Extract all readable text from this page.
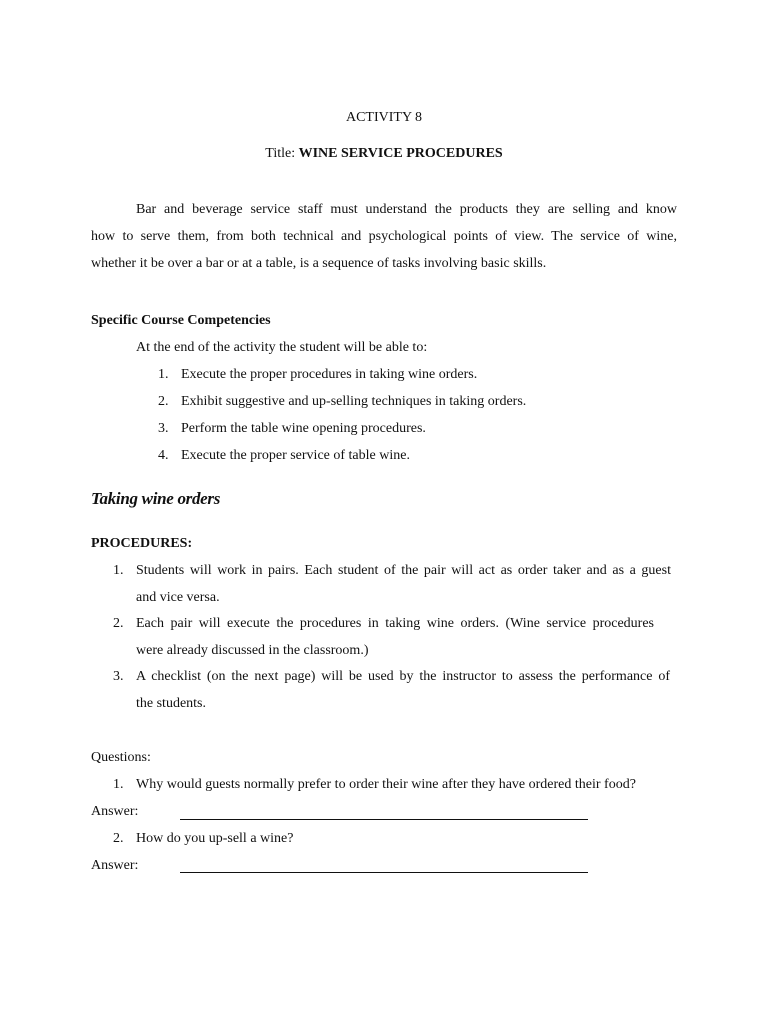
ACTIVITY 8
Title: WINE SERVICE PROCEDURES
Bar and beverage service staff must understand the products they are selling and know
how to serve them, from both technical and psychological points of view. The service of wine,
whether it be over a bar or at a table, is a sequence of tasks involving basic skills.
Specific Course Competencies
At the end of the activity the student will be able to:
1. Execute the proper procedures in taking wine orders.
2. Exhibit suggestive and up-selling techniques in taking orders.
3. Perform the table wine opening procedures.
4. Execute the proper service of table wine.
Taking wine orders
PROCEDURES:
1. Students will work in pairs. Each student of the pair will act as order taker and as a guest
and vice versa.
2. Each pair will execute the procedures in taking wine orders. (Wine service procedures
were already discussed in the classroom.)
3. A checklist (on the next page) will be used by the instructor to assess the performance of
the students.
Questions:
1. Why would guests normally prefer to order their wine after they have ordered their food?
Answer:
2. How do you up-sell a wine?
Answer:
